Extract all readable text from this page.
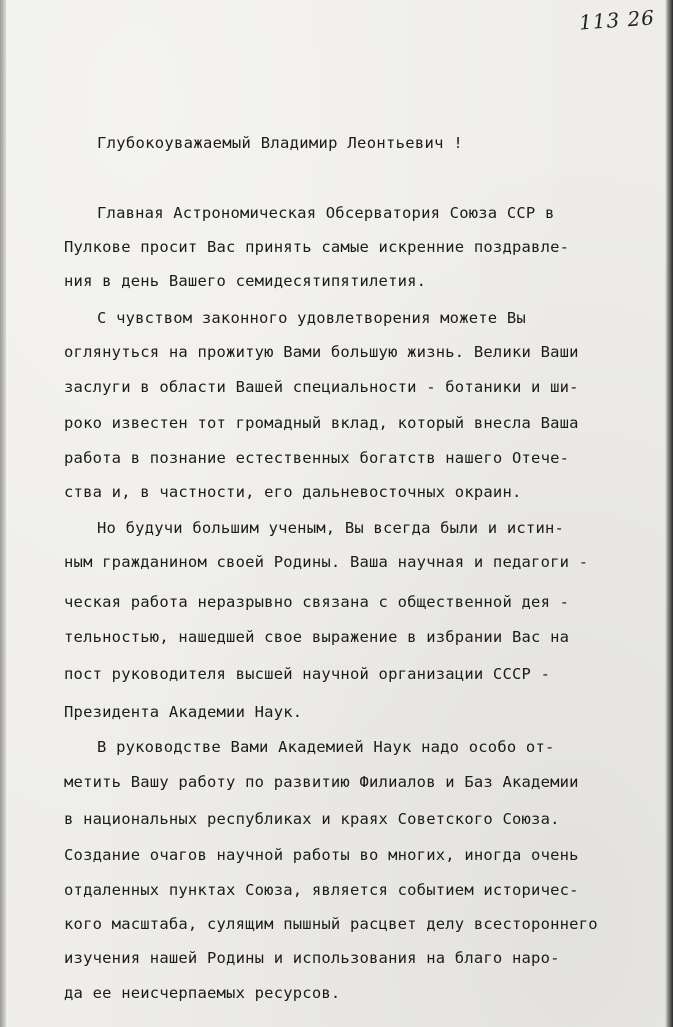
113 26
Глубокоуважаемый Владимир Леонтьевич !
Главная Астрономическая Обсерватория Союза ССР в
Пулкове просит Вас принять самые искренние поздравле-
ния в день Вашего семидесятипятилетия.
С чувством законного удовлетворения можете Вы
оглянуться на прожитую Вами большую жизнь. Велики Ваши
заслуги в области Вашей специальности - ботаники и ши-
роко известен тот громадный вклад, который внесла Ваша
работа в познание естественных богатств нашего Отече-
ства и, в частности, его дальневосточных окраин.
Но будучи большим ученым, Вы всегда были и истин-
ным гражданином своей Родины. Ваша научная и педагоги -
ческая работа неразрывно связана с общественной дея -
тельностью, нашедшей свое выражение в избрании Вас на
пост руководителя высшей научной организации СССР -
Президента Академии Наук.
В руководстве Вами Академией Наук надо особо от-
метить Вашу работу по развитию Филиалов и Баз Академии
в национальных республиках и краях Советского Союза.
Создание очагов научной работы во многих, иногда очень
отдаленных пунктах Союза, является событием историчес-
кого масштаба, сулящим пышный расцвет делу всестороннего
изучения нашей Родины и использования на благо наро-
да ее неисчерпаемых ресурсов.
